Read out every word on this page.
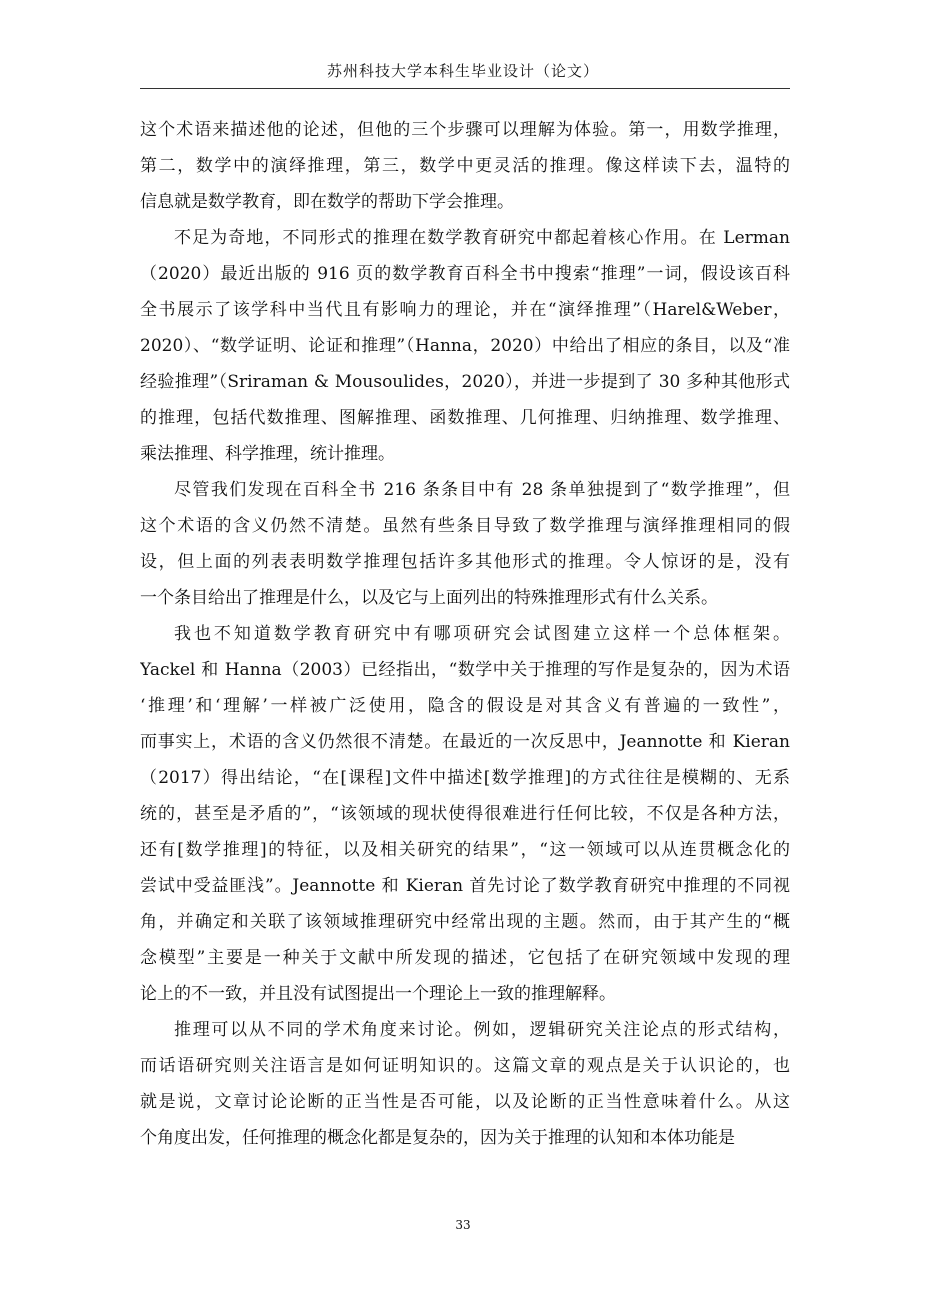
苏州科技大学本科生毕业设计（论文）

这个术语来描述他的论述，但他的三个步骤可以理解为体验。第一，用数学推理，

第二，数学中的演绎推理，第三，数学中更灵活的推理。像这样读下去，温特的

信息就是数学教育，即在数学的帮助下学会推理。

不足为奇地，不同形式的推理在数学教育研究中都起着核心作用。在 Lerman

（2020）最近出版的 916 页的数学教育百科全书中搜索“推理”一词，假设该百科

全书展示了该学科中当代且有影响力的理论，并在“演绎推理”（Harel&Weber，

2020）、“数学证明、论证和推理”（Hanna，2020）中给出了相应的条目，以及“准

经验推理”（Sriraman & Mousoulides，2020），并进一步提到了 30 多种其他形式

的推理，包括代数推理、图解推理、函数推理、几何推理、归纳推理、数学推理、

乘法推理、科学推理，统计推理。

尽管我们发现在百科全书 216 条条目中有 28 条单独提到了“数学推理”，但

这个术语的含义仍然不清楚。虽然有些条目导致了数学推理与演绎推理相同的假

设，但上面的列表表明数学推理包括许多其他形式的推理。令人惊讶的是，没有

一个条目给出了推理是什么，以及它与上面列出的特殊推理形式有什么关系。

我也不知道数学教育研究中有哪项研究会试图建立这样一个总体框架。

Yackel 和 Hanna（2003）已经指出，“数学中关于推理的写作是复杂的，因为术语

‘推理’和‘理解’一样被广泛使用，隐含的假设是对其含义有普遍的一致性”，

而事实上，术语的含义仍然很不清楚。在最近的一次反思中，Jeannotte 和 Kieran

（2017）得出结论，“在[课程]文件中描述[数学推理]的方式往往是模糊的、无系

统的，甚至是矛盾的”，“该领域的现状使得很难进行任何比较，不仅是各种方法，

还有[数学推理]的特征，以及相关研究的结果”，“这一领域可以从连贯概念化的

尝试中受益匪浅”。Jeannotte 和 Kieran 首先讨论了数学教育研究中推理的不同视

角，并确定和关联了该领域推理研究中经常出现的主题。然而，由于其产生的“概

念模型”主要是一种关于文献中所发现的描述，它包括了在研究领域中发现的理

论上的不一致，并且没有试图提出一个理论上一致的推理解释。

推理可以从不同的学术角度来讨论。例如，逻辑研究关注论点的形式结构，

而话语研究则关注语言是如何证明知识的。这篇文章的观点是关于认识论的，也

就是说，文章讨论论断的正当性是否可能，以及论断的正当性意味着什么。从这

个角度出发，任何推理的概念化都是复杂的，因为关于推理的认知和本体功能是

33
